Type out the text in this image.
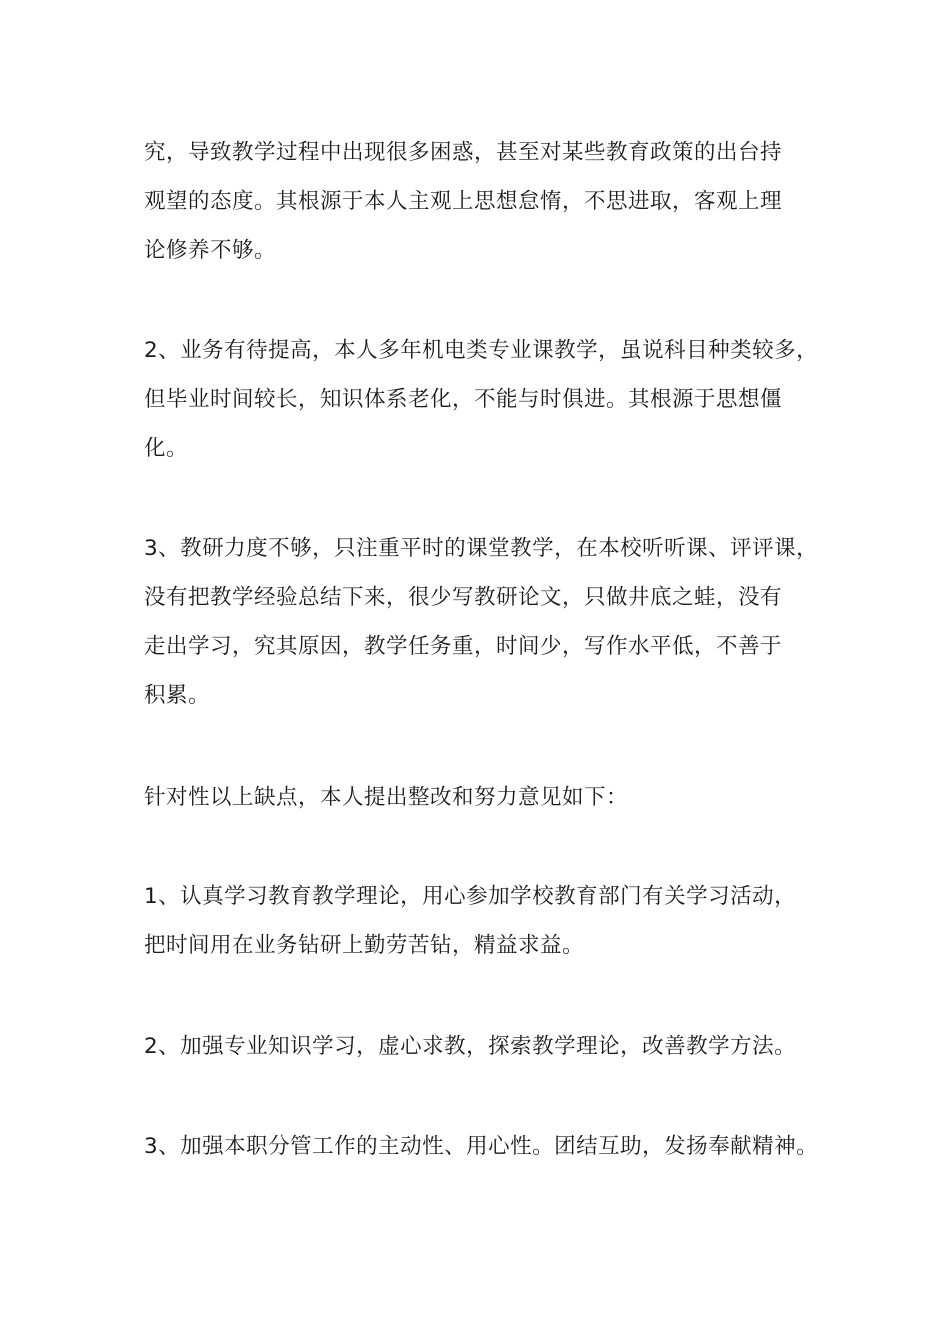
究，导致教学过程中出现很多困惑，甚至对某些教育政策的出台持
观望的态度。其根源于本人主观上思想怠惰，不思进取，客观上理
论修养不够。

2、业务有待提高，本人多年机电类专业课教学，虽说科目种类较多，
但毕业时间较长，知识体系老化，不能与时俱进。其根源于思想僵
化。

3、教研力度不够，只注重平时的课堂教学，在本校听听课、评评课，
没有把教学经验总结下来，很少写教研论文，只做井底之蛙，没有
走出学习，究其原因，教学任务重，时间少，写作水平低，不善于
积累。

针对性以上缺点，本人提出整改和努力意见如下：

1、认真学习教育教学理论，用心参加学校教育部门有关学习活动，
把时间用在业务钻研上勤劳苦钻，精益求益。

2、加强专业知识学习，虚心求教，探索教学理论，改善教学方法。

3、加强本职分管工作的主动性、用心性。团结互助，发扬奉献精神。
